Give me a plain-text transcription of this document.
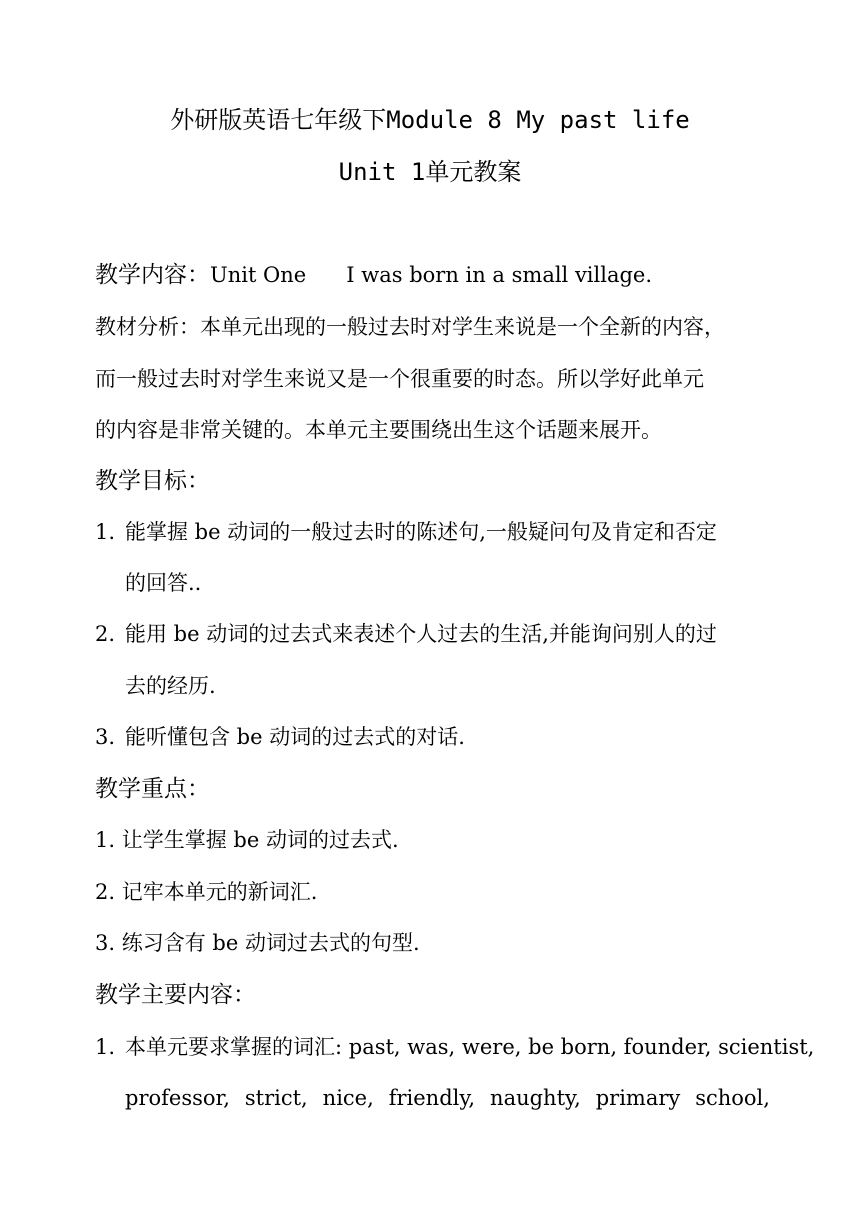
外研版英语七年级下Module 8 My past life
Unit 1单元教案
教学内容：Unit One      I was born in a small village.
教材分析：本单元出现的一般过去时对学生来说是一个全新的内容，
而一般过去时对学生来说又是一个很重要的时态。所以学好此单元
的内容是非常关键的。本单元主要围绕出生这个话题来展开。
教学目标：
1. 能掌握 be 动词的一般过去时的陈述句,一般疑问句及肯定和否定
的回答..
2. 能用 be 动词的过去式来表述个人过去的生活,并能询问别人的过
去的经历.
3. 能听懂包含 be 动词的过去式的对话.
教学重点：
1. 让学生掌握 be 动词的过去式.
2. 记牢本单元的新词汇.
3. 练习含有 be 动词过去式的句型.
教学主要内容：
1. 本单元要求掌握的词汇: past, was, were, be born, founder, scientist,
professor, strict, nice, friendly, naughty, primary school,
